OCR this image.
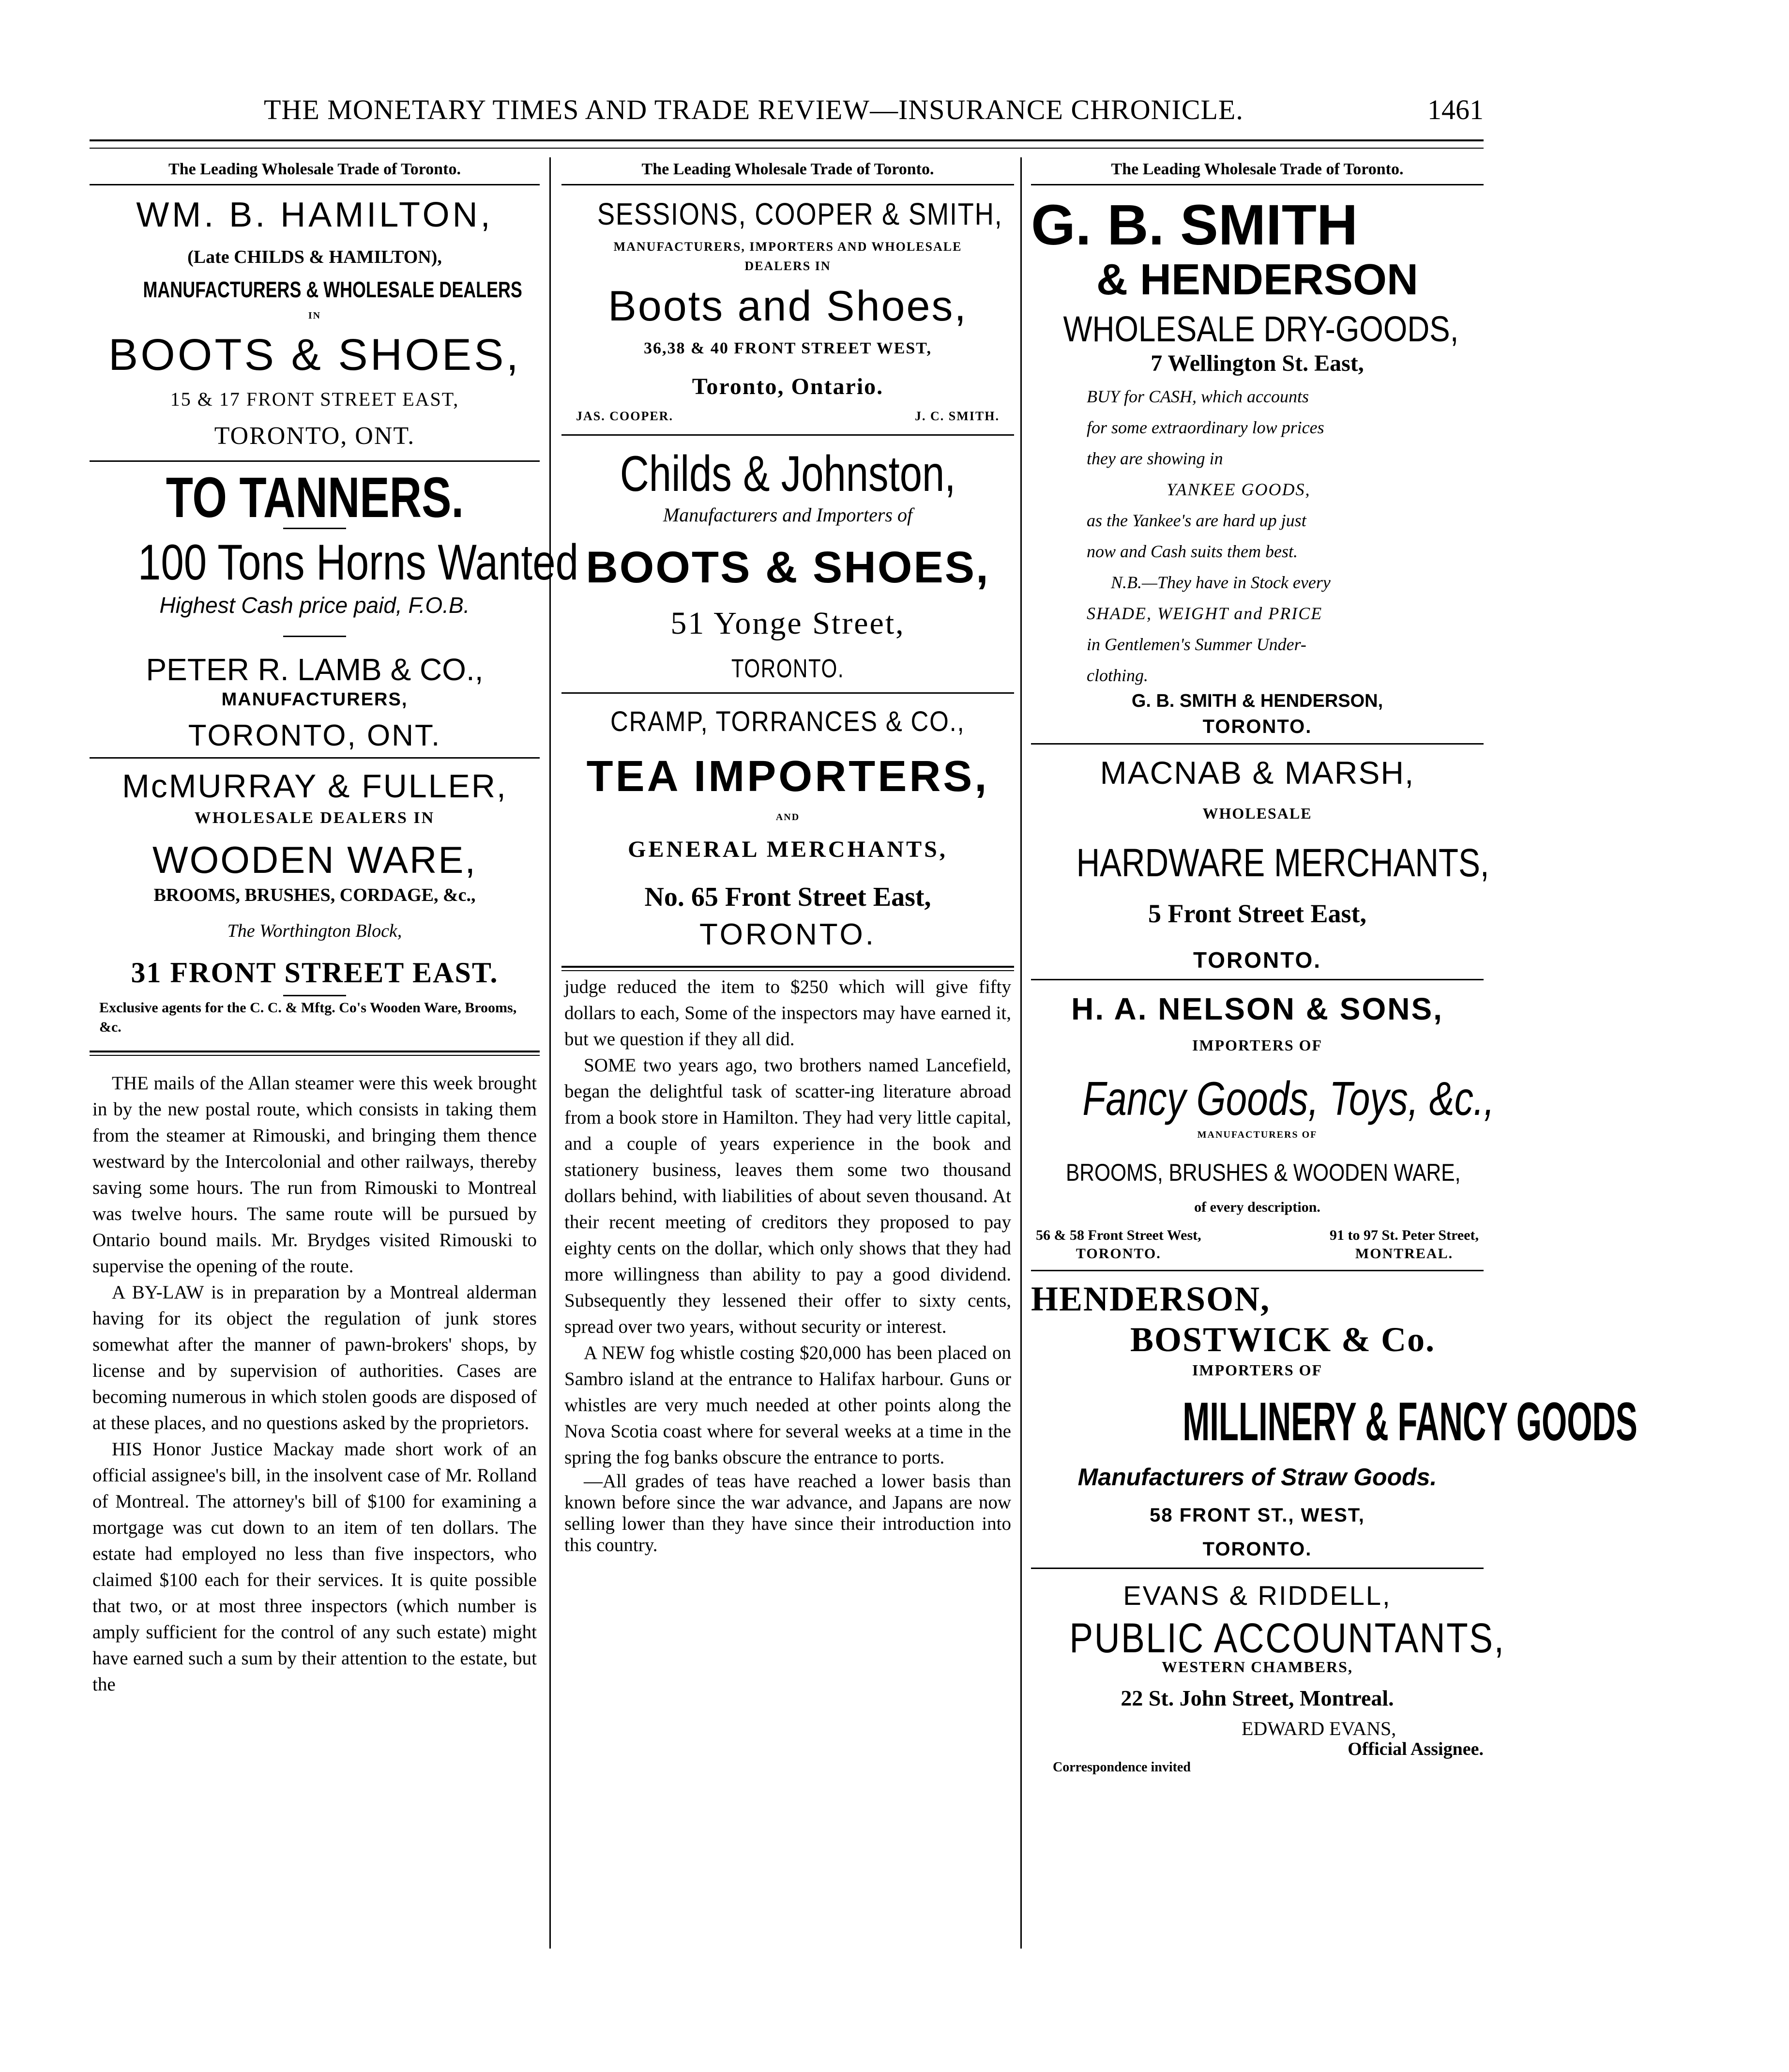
THE MONETARY TIMES AND TRADE REVIEW—INSURANCE CHRONICLE.	1461
The Leading Wholesale Trade of Toronto.
WM. B. HAMILTON,
(Late CHILDS & HAMILTON),
MANUFACTURERS & WHOLESALE DEALERS
IN
BOOTS & SHOES,
15 & 17 FRONT STREET EAST,
TORONTO, ONT.
TO TANNERS.
100 Tons Horns Wanted
Highest Cash price paid, F.O.B.
PETER R. LAMB & CO.,
MANUFACTURERS,
TORONTO, ONT.
McMURRAY & FULLER,
WHOLESALE DEALERS IN
WOODEN WARE,
BROOMS, BRUSHES, CORDAGE, &c.,
The Worthington Block,
31 FRONT STREET EAST.
Exclusive agents for the C. C. & Mftg. Co's Wooden Ware, Brooms, &c.

THE mails of the Allan steamer were this week brought in by the new postal route, which consists in taking them from the steamer at Rimouski, and bringing them thence westward by the Intercolonial and other railways, thereby saving some hours. The run from Rimouski to Montreal was twelve hours. The same route will be pursued by Ontario bound mails. Mr. Brydges visited Rimouski to supervise the opening of the route.

A BY-LAW is in preparation by a Montreal alderman having for its object the regulation of junk stores somewhat after the manner of pawn-brokers' shops, by license and by supervision of authorities. Cases are becoming numerous in which stolen goods are disposed of at these places, and no questions asked by the proprietors.

HIS Honor Justice Mackay made short work of an official assignee's bill, in the insolvent case of Mr. Rolland of Montreal. The attorney's bill of $100 for examining a mortgage was cut down to an item of ten dollars. The estate had employed no less than five inspectors, who claimed $100 each for their services. It is quite possible that two, or at most three inspectors (which number is amply sufficient for the control of any such estate) might have earned such a sum by their attention to the estate, but the

The Leading Wholesale Trade of Toronto.
SESSIONS, COOPER & SMITH,
MANUFACTURERS, IMPORTERS AND WHOLESALE
DEALERS IN
Boots and Shoes,
36,38 & 40 FRONT STREET WEST,
Toronto, Ontario.
JAS. COOPER.	J. C. SMITH.
Childs & Johnston,
Manufacturers and Importers of
BOOTS & SHOES,
51 Yonge Street,
TORONTO.
CRAMP, TORRANCES & CO.,
TEA IMPORTERS,
AND
GENERAL MERCHANTS,
No. 65 Front Street East,
TORONTO.

judge reduced the item to $250 which will give fifty dollars to each, Some of the inspectors may have earned it, but we question if they all did.

SOME two years ago, two brothers named Lancefield, began the delightful task of scatter-ing literature abroad from a book store in Hamilton. They had very little capital, and a couple of years experience in the book and stationery business, leaves them some two thousand dollars behind, with liabilities of about seven thousand. At their recent meeting of creditors they proposed to pay eighty cents on the dollar, which only shows that they had more willingness than ability to pay a good dividend. Subsequently they lessened their offer to sixty cents, spread over two years, without security or interest.

A NEW fog whistle costing $20,000 has been placed on Sambro island at the entrance to Halifax harbour. Guns or whistles are very much needed at other points along the Nova Scotia coast where for several weeks at a time in the spring the fog banks obscure the entrance to ports.

—All grades of teas have reached a lower basis than known before since the war advance, and Japans are now selling lower than they have since their introduction into this country.

The Leading Wholesale Trade of Toronto.
G. B. SMITH
& HENDERSON
WHOLESALE DRY-GOODS,
7 Wellington St. East,
BUY for CASH, which accounts
for some extraordinary low prices
they are showing in
YANKEE GOODS,
as the Yankee's are hard up just
now and Cash suits them best.
N.B.—They have in Stock every
SHADE, WEIGHT and PRICE
in Gentlemen's Summer Under-
clothing.
G. B. SMITH & HENDERSON,
TORONTO.
MACNAB & MARSH,
WHOLESALE
HARDWARE MERCHANTS,
5 Front Street East,
TORONTO.
H. A. NELSON & SONS,
IMPORTERS OF
Fancy Goods, Toys, &c.,
MANUFACTURERS OF
BROOMS, BRUSHES & WOODEN WARE,
of every description.
56 & 58 Front Street West,
TORONTO.
91 to 97 St. Peter Street,
MONTREAL.
HENDERSON,
BOSTWICK & Co.
IMPORTERS OF
MILLINERY & FANCY GOODS
Manufacturers of Straw Goods.
58 FRONT ST., WEST,
TORONTO.
EVANS & RIDDELL,
PUBLIC ACCOUNTANTS,
WESTERN CHAMBERS,
22 St. John Street, Montreal.
EDWARD EVANS,
Official Assignee.
Correspondence invited
